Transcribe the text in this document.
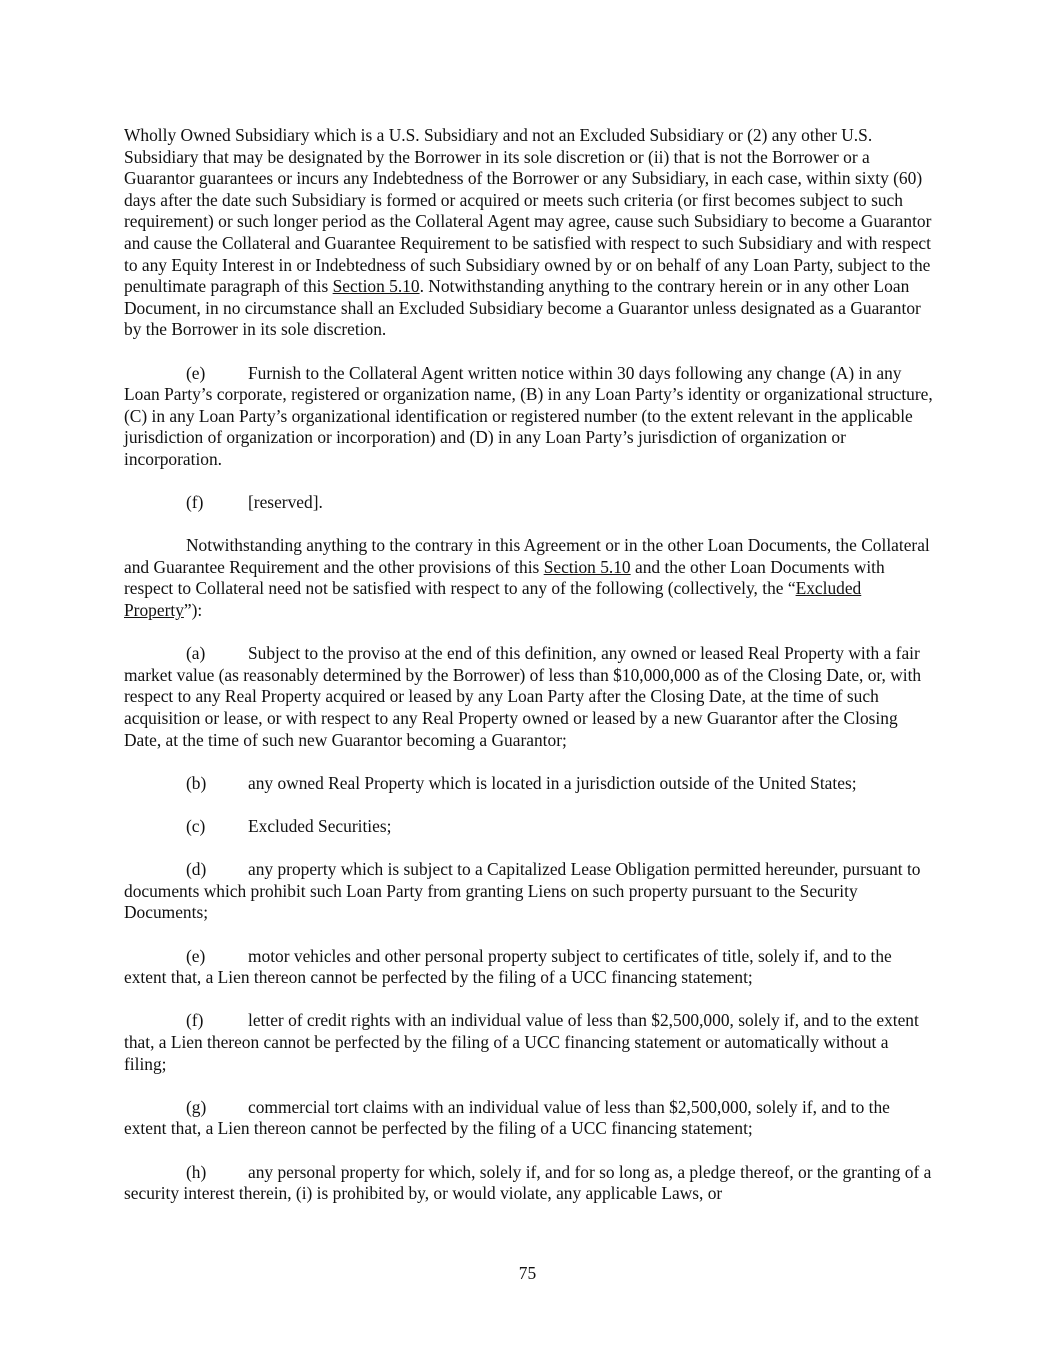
Wholly Owned Subsidiary which is a U.S. Subsidiary and not an Excluded Subsidiary or (2) any other U.S. Subsidiary that may be designated by the Borrower in its sole discretion or (ii) that is not the Borrower or a Guarantor guarantees or incurs any Indebtedness of the Borrower or any Subsidiary, in each case, within sixty (60) days after the date such Subsidiary is formed or acquired or meets such criteria (or first becomes subject to such requirement) or such longer period as the Collateral Agent may agree, cause such Subsidiary to become a Guarantor and cause the Collateral and Guarantee Requirement to be satisfied with respect to such Subsidiary and with respect to any Equity Interest in or Indebtedness of such Subsidiary owned by or on behalf of any Loan Party, subject to the penultimate paragraph of this Section 5.10. Notwithstanding anything to the contrary herein or in any other Loan Document, in no circumstance shall an Excluded Subsidiary become a Guarantor unless designated as a Guarantor by the Borrower in its sole discretion.

(e) Furnish to the Collateral Agent written notice within 30 days following any change (A) in any Loan Party’s corporate, registered or organization name, (B) in any Loan Party’s identity or organizational structure, (C) in any Loan Party’s organizational identification or registered number (to the extent relevant in the applicable jurisdiction of organization or incorporation) and (D) in any Loan Party’s jurisdiction of organization or incorporation.

(f)	[reserved].

Notwithstanding anything to the contrary in this Agreement or in the other Loan Documents, the Collateral and Guarantee Requirement and the other provisions of this Section 5.10 and the other Loan Documents with respect to Collateral need not be satisfied with respect to any of the following (collectively, the “Excluded Property”):

(a) Subject to the proviso at the end of this definition, any owned or leased Real Property with a fair market value (as reasonably determined by the Borrower) of less than $10,000,000 as of the Closing Date, or, with respect to any Real Property acquired or leased by any Loan Party after the Closing Date, at the time of such acquisition or lease, or with respect to any Real Property owned or leased by a new Guarantor after the Closing Date, at the time of such new Guarantor becoming a Guarantor;

(b) any owned Real Property which is located in a jurisdiction outside of the United States;

(c) Excluded Securities;

(d) any property which is subject to a Capitalized Lease Obligation permitted hereunder, pursuant to documents which prohibit such Loan Party from granting Liens on such property pursuant to the Security Documents;

(e) motor vehicles and other personal property subject to certificates of title, solely if, and to the extent that, a Lien thereon cannot be perfected by the filing of a UCC financing statement;

(f)	letter of credit rights with an individual value of less than $2,500,000, solely if, and to the extent that, a Lien thereon cannot be perfected by the filing of a UCC financing statement or automatically without a filing;

(g) commercial tort claims with an individual value of less than $2,500,000, solely if, and to the extent that, a Lien thereon cannot be perfected by the filing of a UCC financing statement;

(h) any personal property for which, solely if, and for so long as, a pledge thereof, or the granting of a security interest therein, (i) is prohibited by, or would violate, any applicable Laws, or

75
